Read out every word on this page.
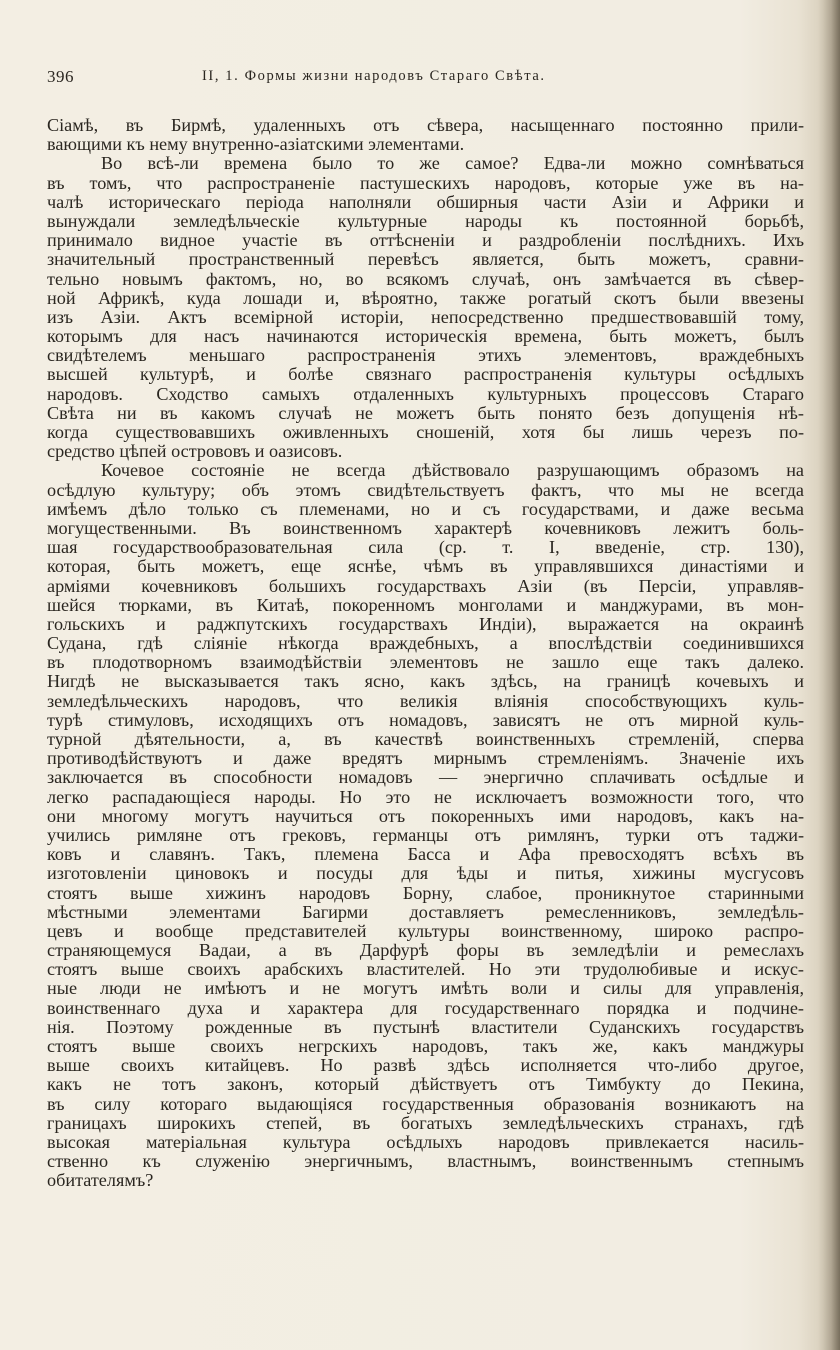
396	II, 1. Формы жизни народовъ Стараго Свѣта.
Сіамѣ, въ Бирмѣ, удаленныхъ отъ сѣвера, насыщеннаго постоянно прили-
вающими къ нему внутренно-азіатскими элементами.
Во всѣ-ли времена было то же самое? Едва-ли можно сомнѣваться
въ томъ, что распространеніе пастушескихъ народовъ, которые уже въ на-
чалѣ историческаго періода наполняли обширныя части Азіи и Африки и
вынуждали земледѣльческіе культурные народы къ постоянной борьбѣ,
принимало видное участіе въ оттѣсненіи и раздробленіи послѣднихъ. Ихъ
значительный пространственный перевѣсъ является, быть можетъ, сравни-
тельно новымъ фактомъ, но, во всякомъ случаѣ, онъ замѣчается въ сѣвер-
ной Африкѣ, куда лошади и, вѣроятно, также рогатый скотъ были ввезены
изъ Азіи. Актъ всемірной исторіи, непосредственно предшествовавшій тому,
которымъ для насъ начинаются историческія времена, быть можетъ, былъ
свидѣтелемъ меньшаго распространенія этихъ элементовъ, враждебныхъ
высшей культурѣ, и болѣе связнаго распространенія культуры осѣдлыхъ
народовъ. Сходство самыхъ отдаленныхъ культурныхъ процессовъ Стараго
Свѣта ни въ какомъ случаѣ не можетъ быть понято безъ допущенія нѣ-
когда существовавшихъ оживленныхъ сношеній, хотя бы лишь черезъ по-
средство цѣпей острововъ и оазисовъ.
Кочевое состояніе не всегда дѣйствовало разрушающимъ образомъ на
осѣдлую культуру; объ этомъ свидѣтельствуетъ фактъ, что мы не всегда
имѣемъ дѣло только съ племенами, но и съ государствами, и даже весьма
могущественными. Въ воинственномъ характерѣ кочевниковъ лежитъ боль-
шая государствообразовательная сила (ср. т. I, введеніе, стр. 130),
которая, быть можетъ, еще яснѣе, чѣмъ въ управлявшихся династіями и
арміями кочевниковъ большихъ государствахъ Азіи (въ Персіи, управляв-
шейся тюрками, въ Китаѣ, покоренномъ монголами и манджурами, въ мон-
гольскихъ и раджпутскихъ государствахъ Индіи), выражается на окраинѣ
Судана, гдѣ сліяніе нѣкогда враждебныхъ, а впослѣдствіи соединившихся
въ плодотворномъ взаимодѣйствіи элементовъ не зашло еще такъ далеко.
Нигдѣ не высказывается такъ ясно, какъ здѣсь, на границѣ кочевыхъ и
земледѣльческихъ народовъ, что великія вліянія способствующихъ куль-
турѣ стимуловъ, исходящихъ отъ номадовъ, зависятъ не отъ мирной куль-
турной дѣятельности, а, въ качествѣ воинственныхъ стремленій, сперва
противодѣйствуютъ и даже вредятъ мирнымъ стремленіямъ. Значеніе ихъ
заключается въ способности номадовъ — энергично сплачивать осѣдлые и
легко распадающіеся народы. Но это не исключаетъ возможности того, что
они многому могутъ научиться отъ покоренныхъ ими народовъ, какъ на-
учились римляне отъ грековъ, германцы отъ римлянъ, турки отъ таджи-
ковъ и славянъ. Такъ, племена Басса и Афа превосходятъ всѣхъ въ
изготовленіи циновокъ и посуды для ѣды и питья, хижины мусгусовъ
стоятъ выше хижинъ народовъ Борну, слабое, проникнутое старинными
мѣстными элементами Багирми доставляетъ ремесленниковъ, земледѣль-
цевъ и вообще представителей культуры воинственному, широко распро-
страняющемуся Вадаи, а въ Дарфурѣ форы въ земледѣліи и ремеслахъ
стоятъ выше своихъ арабскихъ властителей. Но эти трудолюбивые и искус-
ные люди не имѣютъ и не могутъ имѣть воли и силы для управленія,
воинственнаго духа и характера для государственнаго порядка и подчине-
нія. Поэтому рожденные въ пустынѣ властители Суданскихъ государствъ
стоятъ выше своихъ негрскихъ народовъ, такъ же, какъ манджуры
выше своихъ китайцевъ. Но развѣ здѣсь исполняется что-либо другое,
какъ не тотъ законъ, который дѣйствуетъ отъ Тимбукту до Пекина,
въ силу котораго выдающіяся государственныя образованія возникаютъ на
границахъ широкихъ степей, въ богатыхъ земледѣльческихъ странахъ, гдѣ
высокая матеріальная культура осѣдлыхъ народовъ привлекается насиль-
ственно къ служенію энергичнымъ, властнымъ, воинственнымъ степнымъ
обитателямъ?
